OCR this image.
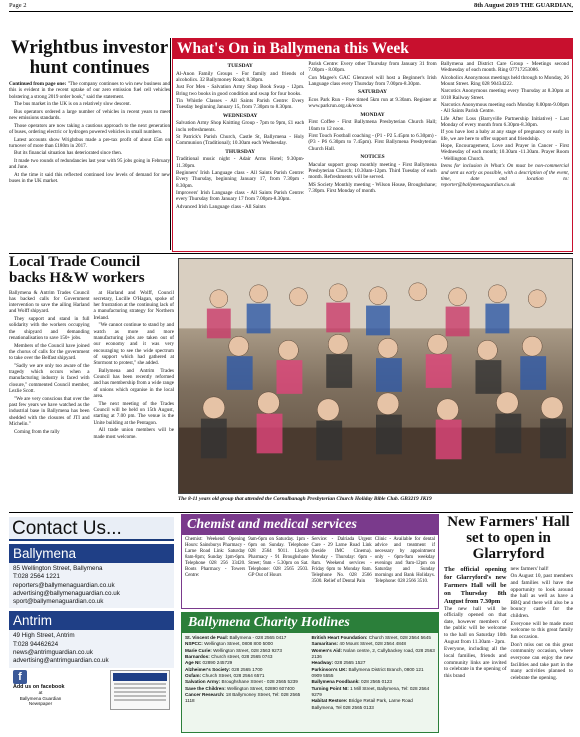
Page 2	8th August 2019 THE GUARDIAN,
Wrightbus investor hunt continues

Continued from page one: "The company continues to win new business and this is evident in the recent uptake of our zero emission fuel cell vehicles bolstering a strong 2019 order book," said the statement.

The bus market in the UK is on a relatively slow descent.

Bus operators ordered a large number of vehicles in recent years to meet new emissions standards.

Those operators are now taking a cautious approach to the next generation of buses, ordering electric or hydrogen powered vehicles in small numbers.

Latest accounts show Wrightbus made a pre-tax profit of about £5m on turnover of more than £180m in 2017.

But its financial situation has deteriorated since then.

It made two rounds of redundancies last year with 95 jobs going in February and June.

At the time it said this reflected continued low levels of demand for new buses in the UK market.

What's On in Ballymena this Week
TUESDAY

Al-Anon Family Groups - For family and friends of alcoholics. 32 Ballymoney Road; 8.30pm.

Just For Men - Salvation Army Shop Book Swap - 12pm. Bring two books in good condition and swap for four books.

Tin Whistle Classes - All Saints Parish Centre: Every Tuesday beginning January 15, from 7.30pm to 8.30pm.

WEDNESDAY

Salvation Army Shop Knitting Group - 7pm to 9pm, £1 each inclu refreshments.

St Patrick's Parish Church, Castle St, Ballymena - Holy Communion (Traditional); 10.30am each Wednesday.

THURSDAY

Traditional music night - Adair Arms Hotel; 9.30pm-11.30pm.

Beginners' Irish Language class - All Saints Parish Centre: Every Thursday, beginning January 17, from 7.30pm - 8.30pm.

Improvers' Irish Language class - All Saints Parish Centre: every Thursday from January 17 from 7.00pm-8.30pm.

Advanced Irish Language class - All Saints

Parish Centre: Every other Thursday from January 31 from 7.00pm - 8.00pm.

Con Magee's GAC Glenravel will host a Beginner's Irish Language class every Thursday from 7.00pm-8.30pm.

SATURDAY

Ecos Park Run - Free timed 5km run at 9.30am. Register at www.parkrun.org.uk/ecos

MONDAY

First Coffee - First Ballymena Presbyterian Church Hall; 10am to 12 noon.

First Touch Football coaching - (P1 - P2 5.45pm to 6.30pm) - (P3 - P6 6.30pm to 7.45pm). First Ballymena Presbyterian Church Hall.

NOTICES

Macular support group monthly meeting - First Ballymena Presbyterian Church; 10.30am-12pm. Third Tuesday of each month. Refreshments will be served.

MS Society Monthly meeting - Wilson House, Broughshane; 7.30pm. First Monday of month.

Ballymena and District Care Group - Meetings second Wednesday of each month. Ring 07717253086.

Alcoholics Anonymous meetings held through to Monday, 26 Mount Street. Ring 028 90434222.

Narcotics Anonymous meeting every Thursday at 8.30pm at 1018 Railway Street.

Narcotics Anonymous meeting each Monday 8.00pm-9.00pm - All Saints Parish Centre.

Life After Loss (Barryville Partnership Initiative) - Last Monday of every month from 6.30pm-8.30pm.

If you have lost a baby at any stage of pregnancy or early in life, we are here to offer support and friendship.

Hope, Encouragement, Love and Prayer in Cancer - First Wednesday of each month; 10.30am -11.30am. Prayer Room - Wellington Church.

Items for inclusion in What's On must be non-commercial and sent as early as possible, with a description of the event, time, date and location to: reporter@ballymenaguardian.co.uk

Local Trade Council backs H&W workers

Ballymena & Antrim Trades Council has backed calls for Government intervention to save the ailing Harland and Wolff shipyard.

They support and stand in full solidarity with the workers occupying the shipyard and demanding renationalisation to save 150+ jobs.

Members of the Council have joined the chorus of calls for the government to take over the Belfast shipyard.

"Sadly we are only too aware of the tragedy which occurs when a manufacturing industry is faced with closure," commented Council member, Lezlie Scott.

"We are very conscious that over the past few years we have watched as the industrial base in Ballymena has been shedded with the closures of JTI and Michelin."

Coming from the rally

at Harland and Wolff, Council secretary, Lucille O'Hagan, spoke of her frustration at the continuing lack of a manufacturing strategy for Northern Ireland.

"We cannot continue to stand by and watch as more and more manufacturing jobs are taken out of our economy and it was very encouraging to see the wide spectrum of support which had gathered at Stormont to protest," she added.

Ballymena and Antrim Trades Council has been recently reformed and has membership from a wide range of unions which organise in the local area.

The next meeting of the Trades Council will be held on 15th August, starting at 7.00 pm. The venue is the Unite building at the Pentagon.

All trade union members will be made most welcome.

The 8-11 years old group that attended the Cornalbanagh Presbyterian Church Holiday Bible Club. GB3219 JK19
Contact Us...
Ballymena
85 Wellington Street, Ballymena
T:028 2564 1221
reporters@ballymenaguardian.co.uk
advertising@ballymenaguardian.co.uk
sport@ballymenaguardian.co.uk
Antrim
49 High Street, Antrim
T:028 94462624
news@antrimguardian.co.uk
advertising@antrimguardian.co.uk
f
Add us on facebook
at
Ballymena Guardian Newspaper
Chemist and medical services
Chemist: Weekend Opening Hours: Sainsburys Pharmacy - Larne Road Link: Saturday 8am-8pm; Sunday 1pm-6pm. Telephone 028 256 33420. Boots Pharmacy - Towers Centre:
9am-6pm on Saturday. 1pm - 6pm on Sunday. Telephone 028 2564 9011. Lloyds Pharmacy - 91 Broughshane Street; 9am - 5.30pm on Sat. Telephone: 028 2565 2503. GP Out of Hours
Service: - Dalriada Urgent Care - 29 Larne Road Link (beside IMC Cinema). Monday - Thursday: 6pm - 8am. Weekend services - Friday 6pm to Monday 8am. Telephone No. 028 2566 3500. Relief of Dental Pain
Clinic - Available for dental advice and treatment if necessary by appointment only - 6pm-9am weekday evenings and 9am-12pm on Saturday and Sunday mornings and Bank Holidays. Telephone: 028 2566 3510.
Ballymena Charity Hotlines
St. Vincent de Paul: Ballymena - 028 2565 0417
NSPCC: Wellington Street, 0808 800 5000
Marie Curie: Wellington Street, 028 2563 9273
Barnardos: Church street, 028 2565 0743
Age NI: 02890 245729
Alzheimer's Society: 028 2565 1700
Oxfam: Church Street, 028 2564 6571
Salvation Army: Broughshane Street - 028 2565 5239
Save the Children: Wellington Street, 02890 607400
Cancer Research: 18 Ballymoney Street, Tel: 028 2565 1118
British Heart Foundation: Church Street, 028 2564 5645
Samaritans: 40 Mount Street, 028 2564 4848
Women's Aid: Nolan centre, 2, Cullybackey road, 028 2563 2136
Headway: 028 2565 1527
Parkinson's UK: Ballymena District Branch, 0800 121 0909 5555
Ballymena Foodbank: 028 2565 0123
Turning Point NI: 1 Mill Street, Ballymena, Tel: 028 2564 9279
Habitat Restore: Bridge Retail Park, Larne Road Ballymena, Tel 028 2565 0133
New Farmers' Hall set to open in Glarryford
The official opening for Glarryford's new Farmers Hall will be on Thursday 8th August from 7.30pm

The new hall will be officially opened on that date, however members of the public will be welcome to the hall on Saturday 10th August from 11.30am - 2pm.

Everyone, including all the local families, friends and community links are invited to celebrate in the opening of this brand

new farmers' hall!

On August 10, past members and families will have the opportunity to look around the hall as well as have a BBQ and there will also be a bouncy castle for the children.

Everyone will be made most welcome to this great family fun occasion.

Don't miss out on this great community occasion, where everyone can enjoy the new facilities and take part in the many activities planned to celebrate the opening.
